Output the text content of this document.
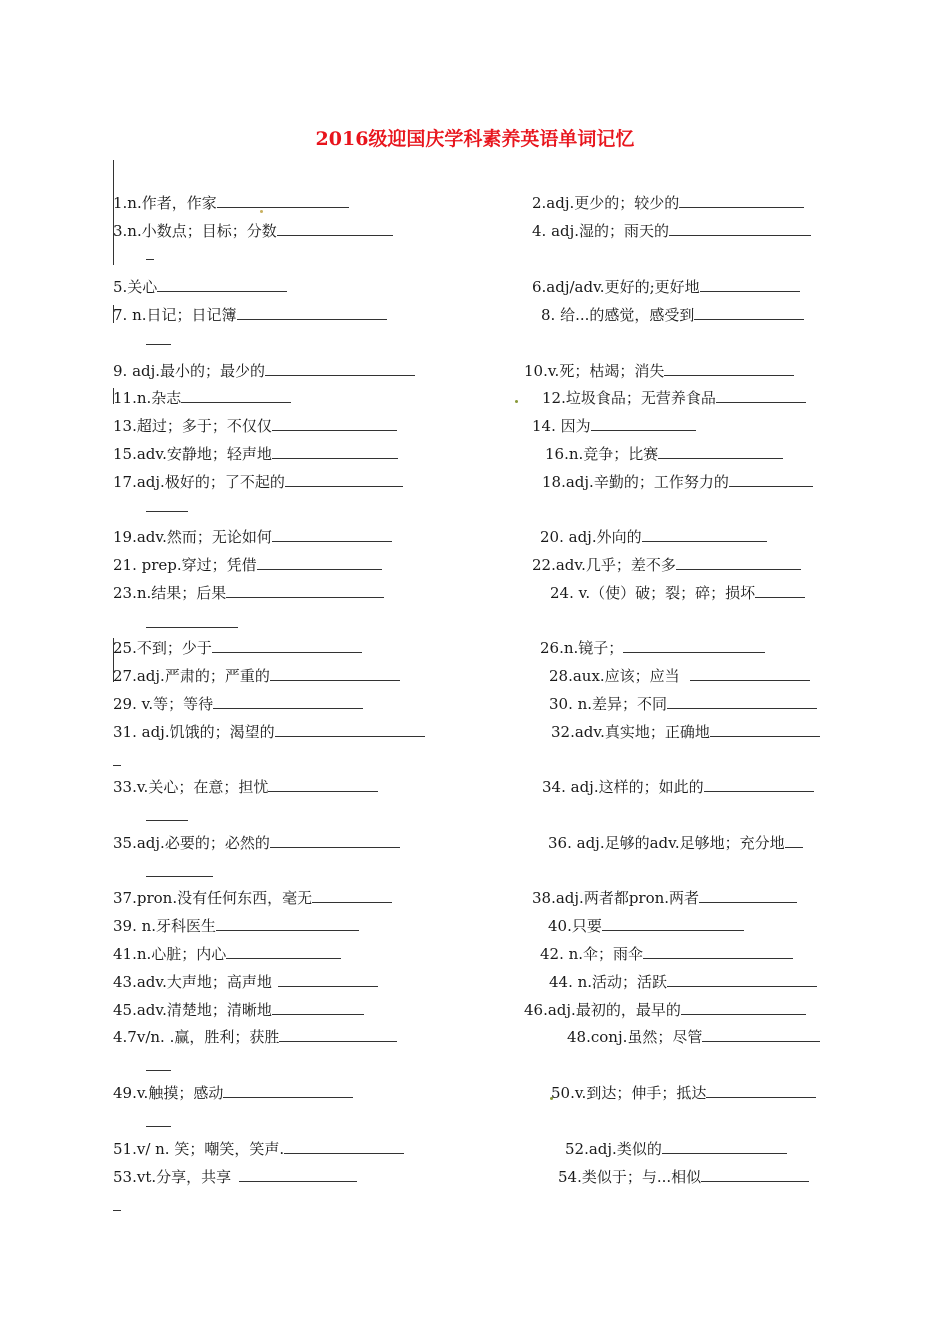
2016级迎国庆学科素养英语单词记忆
1.n.作者，作家	2.adj.更少的；较少的
3.n.小数点；目标；分数	4. adj.湿的；雨天的
5.关心	6.adj/adv.更好的;更好地
7. n.日记；日记簿	8. 给...的感觉，感受到
9. adj.最小的；最少的	10.v.死；枯竭；消失
11.n.杂志	12.垃圾食品；无营养食品
13.超过；多于；不仅仅	14. 因为
15.adv.安静地；轻声地	16.n.竞争；比赛
17.adj.极好的；了不起的	18.adj.辛勤的；工作努力的
19.adv.然而；无论如何	20. adj.外向的
21. prep.穿过；凭借	22.adv.几乎；差不多
23.n.结果；后果	24. v.（使）破；裂；碎；损坏
25.不到；少于	26.n.镜子；
27.adj.严肃的；严重的	28.aux.应该；应当
29. v.等；等待	30. n.差异；不同
31. adj.饥饿的；渴望的	32.adv.真实地；正确地
33.v.关心；在意；担忧	34. adj.这样的；如此的
35.adj.必要的；必然的	36. adj.足够的adv.足够地；充分地
37.pron.没有任何东西，毫无	38.adj.两者都pron.两者
39. n.牙科医生	40.只要
41.n.心脏；内心	42. n.伞；雨伞
43.adv.大声地；高声地	44. n.活动；活跃
45.adv.清楚地；清晰地	46.adj.最初的，最早的
4.7v/n. .赢，胜利；获胜	48.conj.虽然；尽管
49.v.触摸；感动	50.v.到达；伸手；抵达
51.v/ n. 笑；嘲笑，笑声.	52.adj.类似的
53.vt.分享，共享	54.类似于；与...相似
